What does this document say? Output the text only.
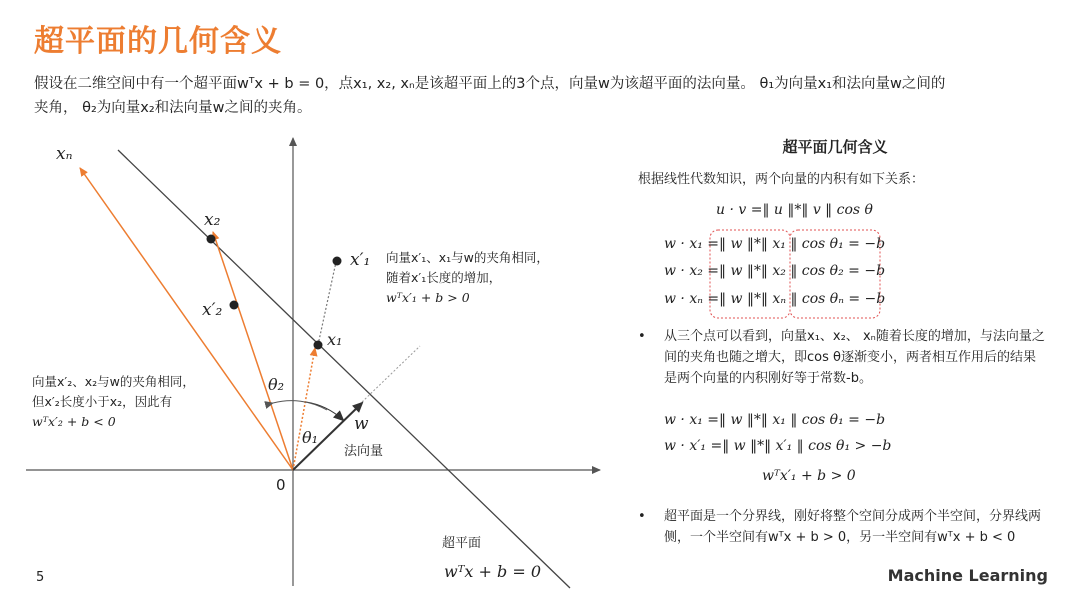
超平面的几何含义
假设在二维空间中有一个超平面wᵀx + b = 0，点x₁, x₂, xₙ是该超平面上的3个点，向量w为该超平面的法向量。 θ₁为向量x₁和法向量w之间的
夹角， θ₂为向量x₂和法向量w之间的夹角。
xₙ
x₂
x′₂
x′₁
x₁
θ₂
θ₁
w
法向量
0
超平面
wᵀx + b = 0
向量x′₁、x₁与w的夹角相同，
随着x′₁长度的增加，
wᵀx′₁ + b > 0
向量x′₂、x₂与w的夹角相同，
但x′₂长度小于x₂，因此有
wᵀx′₂ + b < 0
超平面几何含义
根据线性代数知识，两个向量的内积有如下关系：
u · v =‖ u ‖*‖ v ‖ cos θ
w · x₁ =‖ w ‖*‖ x₁ ‖ cos θ₁ = −b
w · x₂ =‖ w ‖*‖ x₂ ‖ cos θ₂ = −b
w · xₙ =‖ w ‖*‖ xₙ ‖ cos θₙ = −b
• 从三个点可以看到，向量x₁、x₂、 xₙ随着长度的增加，与法向量之间的夹角也随之增大，即cos θ逐渐变小，两者相互作用后的结果是两个向量的内积刚好等于常数-b。
w · x₁ =‖ w ‖*‖ x₁ ‖ cos θ₁ = −b
w · x′₁ =‖ w ‖*‖ x′₁ ‖ cos θ₁ > −b
wᵀx′₁ + b > 0
• 超平面是一个分界线，刚好将整个空间分成两个半空间，分界线两侧，一个半空间有wᵀx + b > 0，另一半空间有wᵀx + b < 0
5	Machine Learning
